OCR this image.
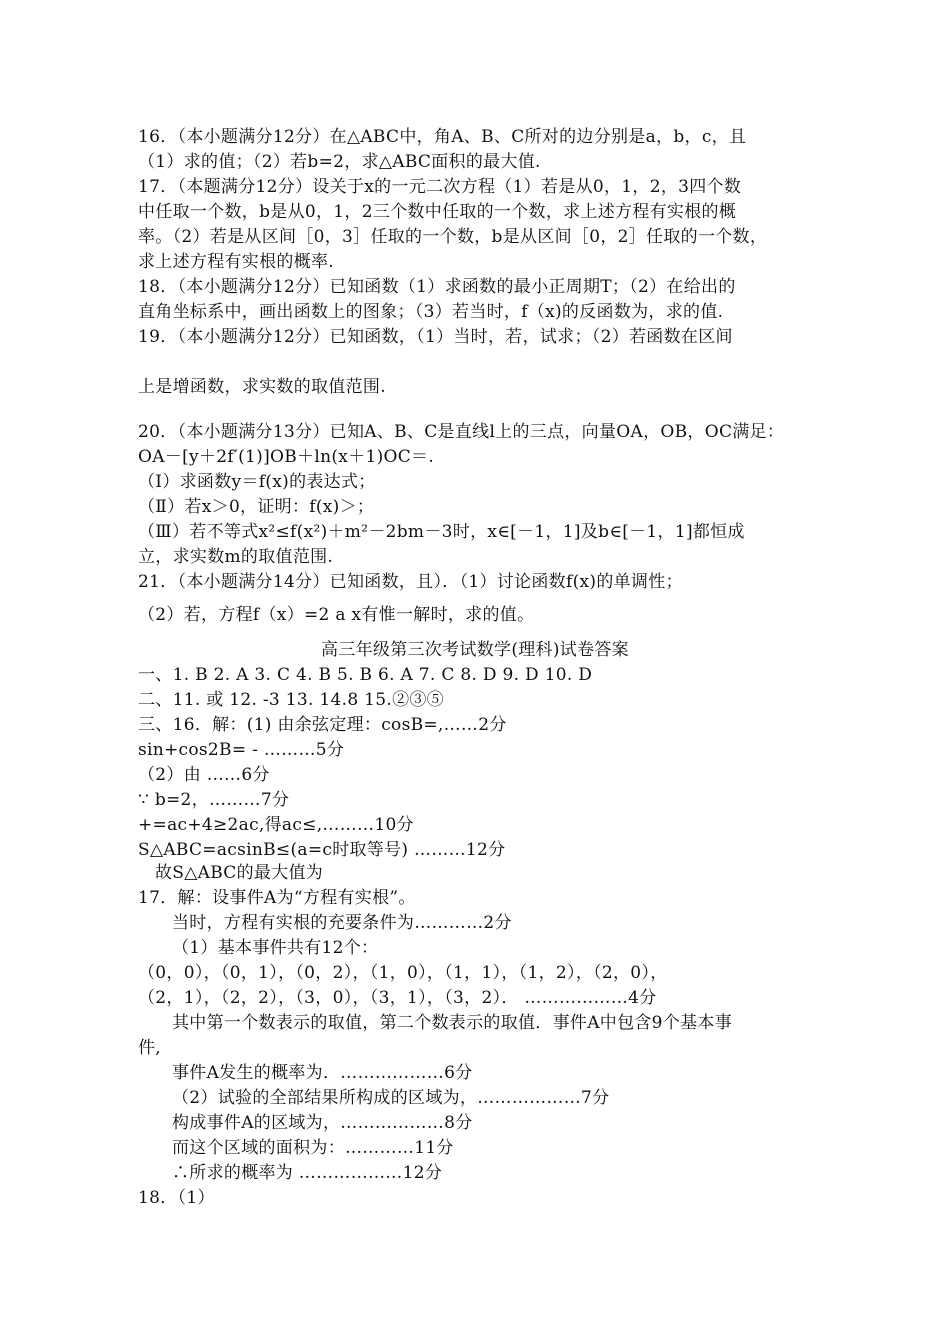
16．（本小题满分12分）在△ABC中，角A、B、C所对的边分别是a，b，c，且
（1）求的值；（2）若b=2，求△ABC面积的最大值.
17．（本题满分12分）设关于x的一元二次方程（1）若是从0，1，2，3四个数
中任取一个数，b是从0，1，2三个数中任取的一个数，求上述方程有实根的概
率。（2）若是从区间［0，3］任取的一个数，b是从区间［0，2］任取的一个数，
求上述方程有实根的概率.
18．（本小题满分12分）已知函数（1）求函数的最小正周期T；（2）在给出的
直角坐标系中，画出函数上的图象；（3）若当时，f（x)的反函数为，求的值.
19．（本小题满分12分）已知函数，（1）当时，若，试求；（2）若函数在区间
上是增函数，求实数的取值范围.
20．（本小题满分13分）已知A、B、C是直线l上的三点，向量OA，OB，OC满足：
OA－[y＋2f′(1)]OB＋ln(x＋1)OC＝.
（Ⅰ）求函数y＝f(x)的表达式；
（Ⅱ）若x＞0，证明：f(x)＞；
（Ⅲ）若不等式x²≤f(x²)＋m²－2bm－3时，x∈[－1，1]及b∈[－1，1]都恒成
立，求实数m的取值范围.
21．（本小题满分14分）已知函数，且）．（1）讨论函数f(x)的单调性；
（2）若，方程f（x）=2 a x有惟一解时，求的值。
高三年级第三次考试数学(理科)试卷答案
一、1. B 2. A 3. C 4. B 5. B 6. A 7. C 8. D 9. D 10. D
二、11. 或 12. -3 13. 14.8 15.②③⑤
三、16．解：(1) 由余弦定理：cosB=,……2分
sin+cos2B= - ………5分
（2）由 ……6分
∵ b=2，………7分
+=ac+4≥2ac,得ac≤,………10分
S△ABC=acsinB≤(a=c时取等号) ………12分
故S△ABC的最大值为
17．解：设事件A为“方程有实根”。
当时，方程有实根的充要条件为…………2分
（1）基本事件共有12个：
（0，0），（0，1），（0，2），（1，0），（1，1），（1，2），（2，0），
（2，1），（2，2），（3，0），（3，1），（3，2）． ………………4分
其中第一个数表示的取值，第二个数表示的取值．事件A中包含9个基本事
件,
事件A发生的概率为．………………6分
（2）试验的全部结果所构成的区域为，………………7分
构成事件A的区域为，………………8分
而这个区域的面积为：…………11分
∴所求的概率为 ………………12分
18．（1）
